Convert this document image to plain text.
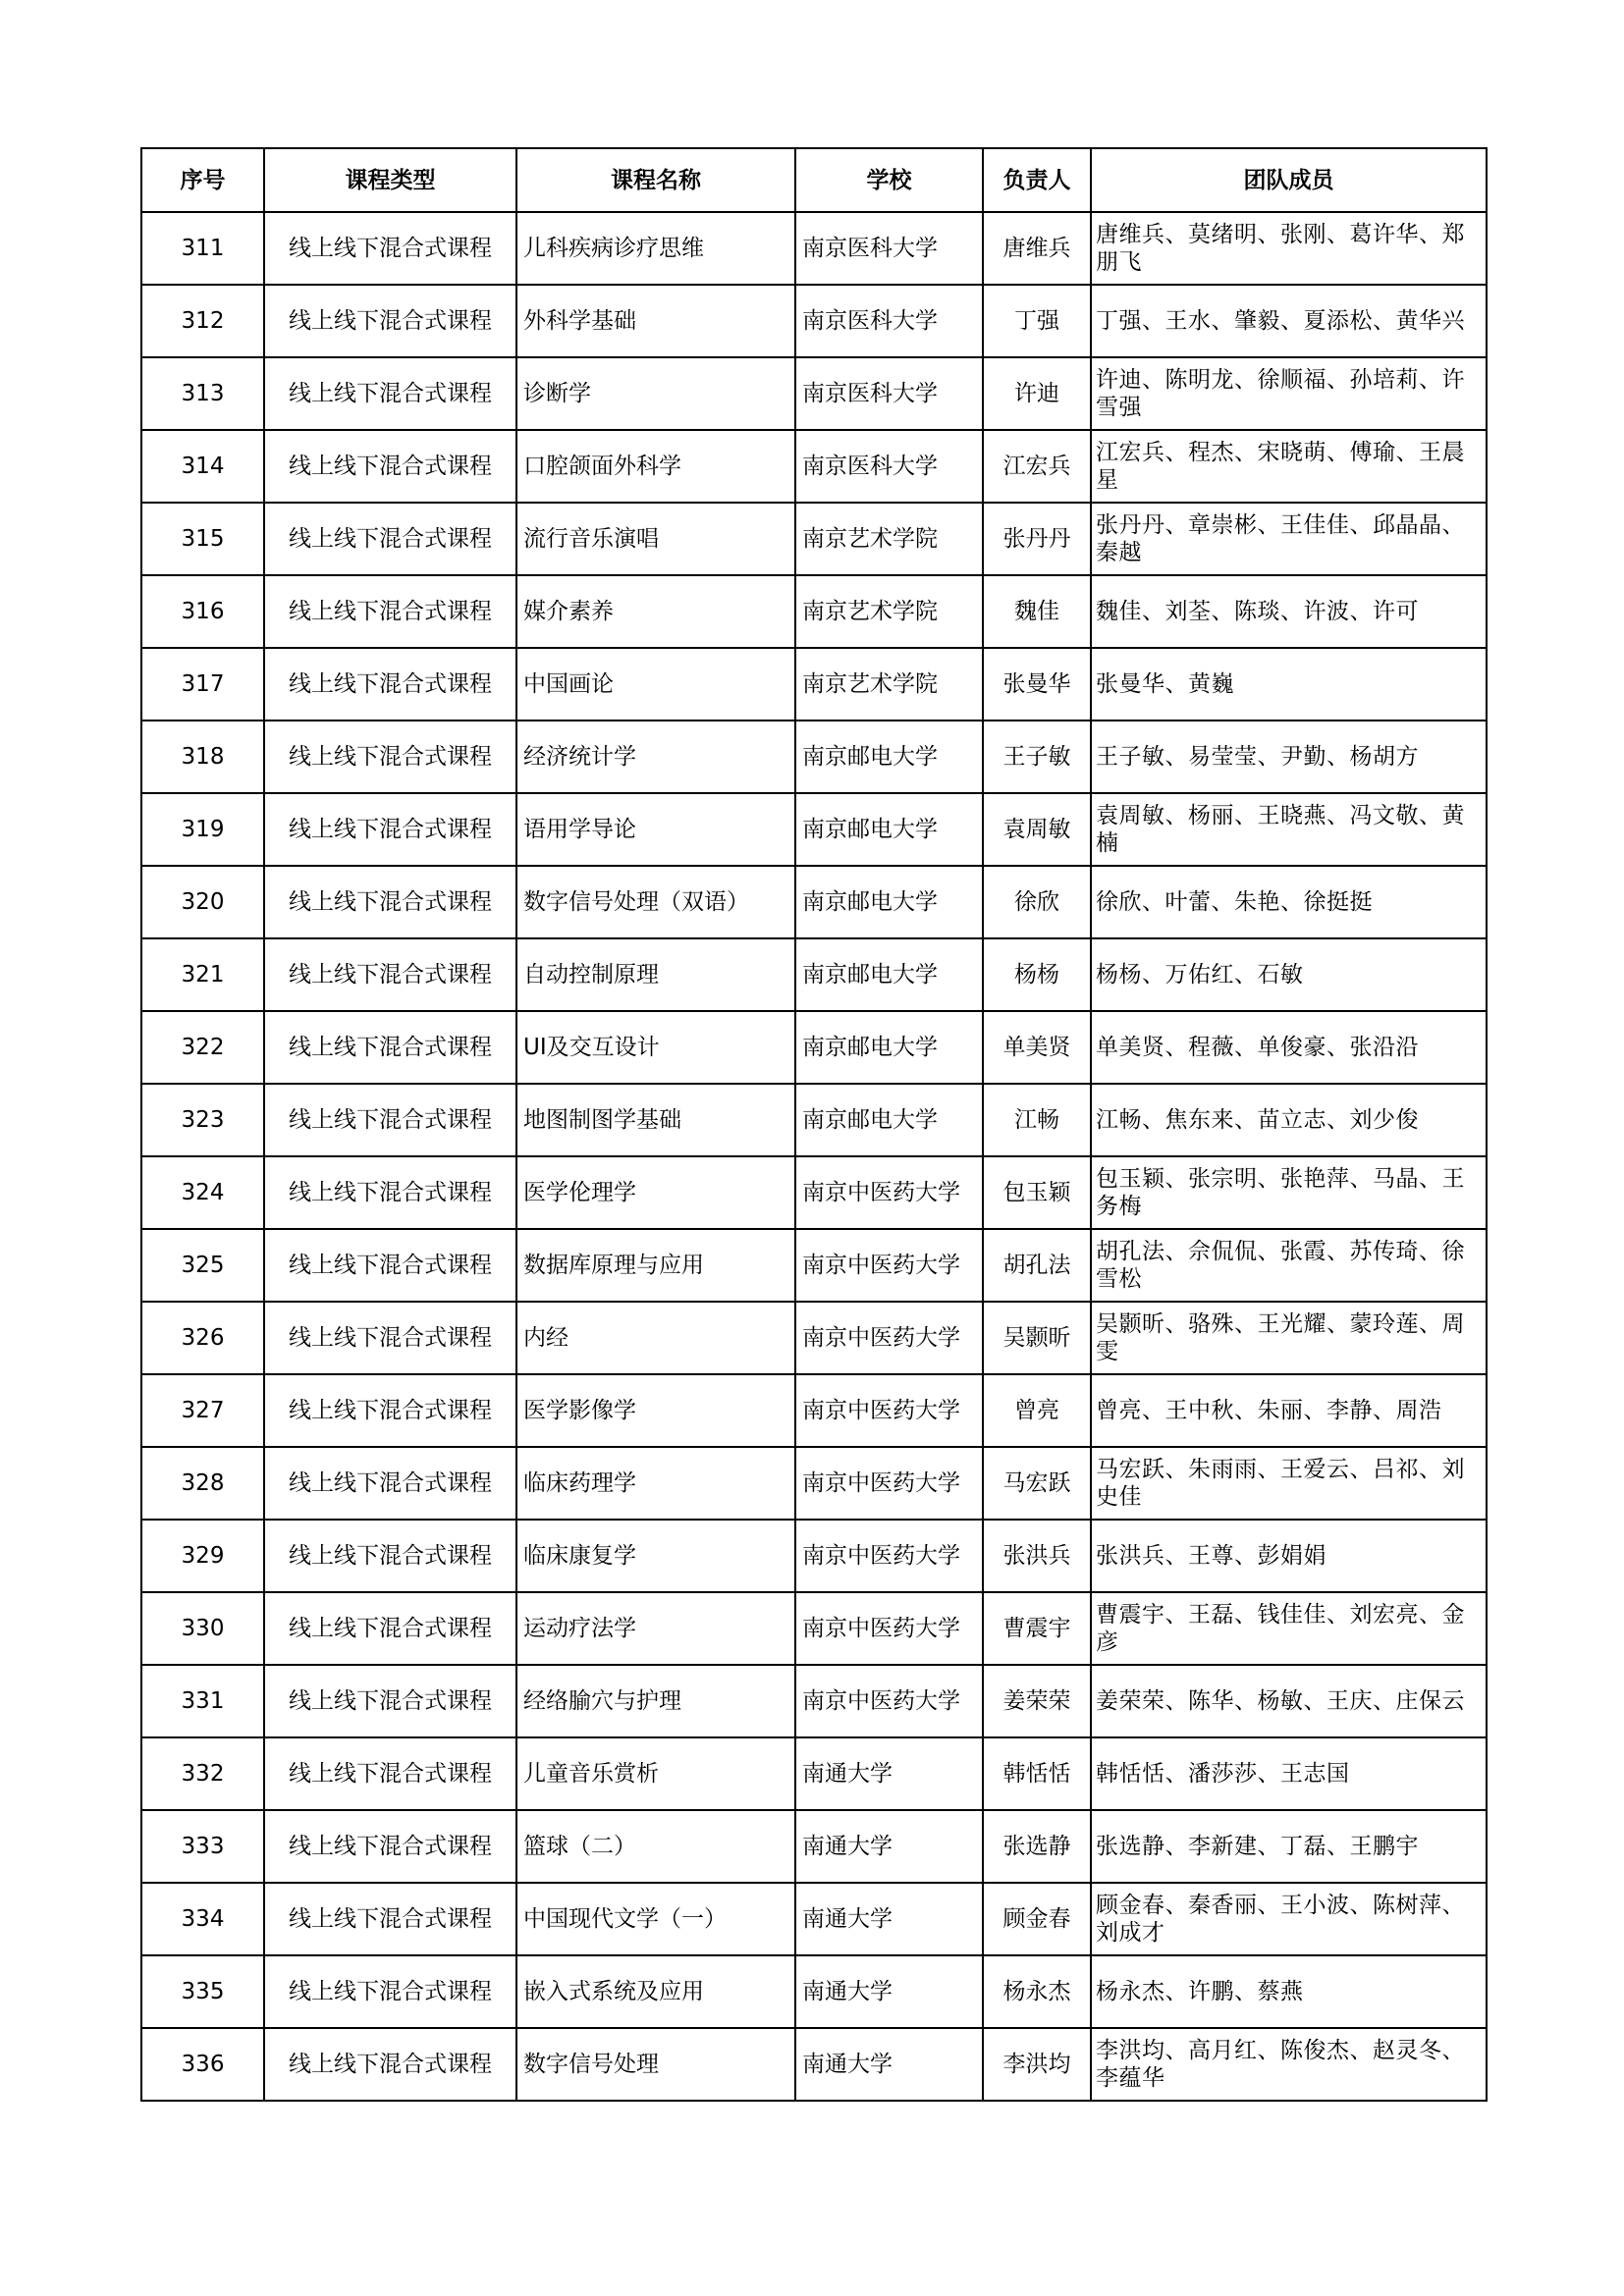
序号	课程类型	课程名称	学校	负责人	团队成员
311	线上线下混合式课程	儿科疾病诊疗思维	南京医科大学	唐维兵	唐维兵、莫绪明、张刚、葛许华、郑朋飞
312	线上线下混合式课程	外科学基础	南京医科大学	丁强	丁强、王水、肇毅、夏添松、黄华兴
313	线上线下混合式课程	诊断学	南京医科大学	许迪	许迪、陈明龙、徐顺福、孙培莉、许雪强
314	线上线下混合式课程	口腔颌面外科学	南京医科大学	江宏兵	江宏兵、程杰、宋晓萌、傅瑜、王晨星
315	线上线下混合式课程	流行音乐演唱	南京艺术学院	张丹丹	张丹丹、章崇彬、王佳佳、邱晶晶、秦越
316	线上线下混合式课程	媒介素养	南京艺术学院	魏佳	魏佳、刘荃、陈琰、许波、许可
317	线上线下混合式课程	中国画论	南京艺术学院	张曼华	张曼华、黄巍
318	线上线下混合式课程	经济统计学	南京邮电大学	王子敏	王子敏、易莹莹、尹勤、杨胡方
319	线上线下混合式课程	语用学导论	南京邮电大学	袁周敏	袁周敏、杨丽、王晓燕、冯文敬、黄楠
320	线上线下混合式课程	数字信号处理（双语）	南京邮电大学	徐欣	徐欣、叶蕾、朱艳、徐挺挺
321	线上线下混合式课程	自动控制原理	南京邮电大学	杨杨	杨杨、万佑红、石敏
322	线上线下混合式课程	UI及交互设计	南京邮电大学	单美贤	单美贤、程薇、单俊豪、张沿沿
323	线上线下混合式课程	地图制图学基础	南京邮电大学	江畅	江畅、焦东来、苗立志、刘少俊
324	线上线下混合式课程	医学伦理学	南京中医药大学	包玉颖	包玉颖、张宗明、张艳萍、马晶、王务梅
325	线上线下混合式课程	数据库原理与应用	南京中医药大学	胡孔法	胡孔法、佘侃侃、张霞、苏传琦、徐雪松
326	线上线下混合式课程	内经	南京中医药大学	吴颢昕	吴颢昕、骆殊、王光耀、蒙玲莲、周雯
327	线上线下混合式课程	医学影像学	南京中医药大学	曾亮	曾亮、王中秋、朱丽、李静、周浩
328	线上线下混合式课程	临床药理学	南京中医药大学	马宏跃	马宏跃、朱雨雨、王爱云、吕祁、刘史佳
329	线上线下混合式课程	临床康复学	南京中医药大学	张洪兵	张洪兵、王尊、彭娟娟
330	线上线下混合式课程	运动疗法学	南京中医药大学	曹震宇	曹震宇、王磊、钱佳佳、刘宏亮、金彦
331	线上线下混合式课程	经络腧穴与护理	南京中医药大学	姜荣荣	姜荣荣、陈华、杨敏、王庆、庄保云
332	线上线下混合式课程	儿童音乐赏析	南通大学	韩恬恬	韩恬恬、潘莎莎、王志国
333	线上线下混合式课程	篮球（二）	南通大学	张选静	张选静、李新建、丁磊、王鹏宇
334	线上线下混合式课程	中国现代文学（一）	南通大学	顾金春	顾金春、秦香丽、王小波、陈树萍、刘成才
335	线上线下混合式课程	嵌入式系统及应用	南通大学	杨永杰	杨永杰、许鹏、蔡燕
336	线上线下混合式课程	数字信号处理	南通大学	李洪均	李洪均、高月红、陈俊杰、赵灵冬、李蕴华
